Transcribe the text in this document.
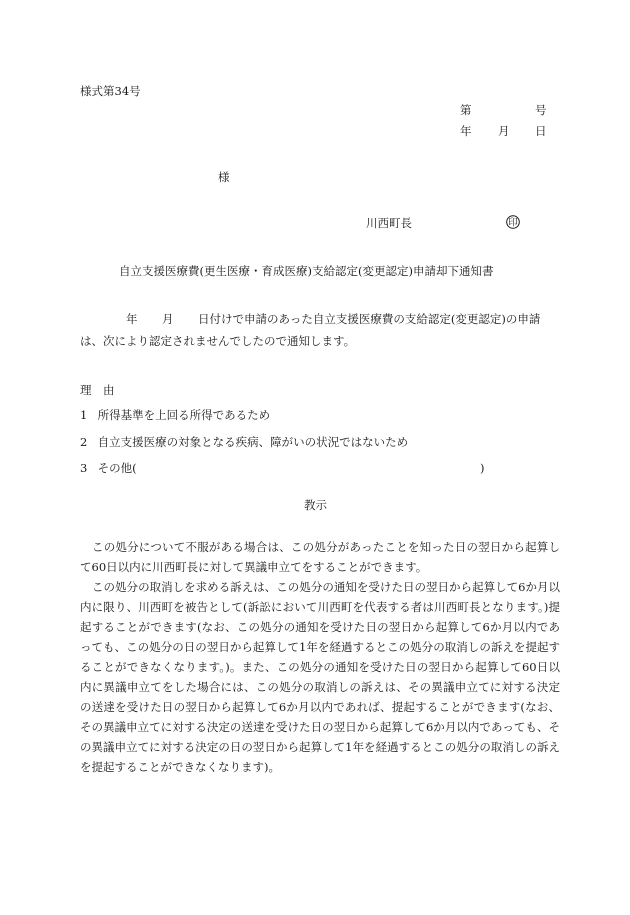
様式第34号
第	号
年 月 日
様
川西町長	印
自立支援医療費(更生医療・育成医療)支給認定(変更認定)申請却下通知書
年 月 日付けで申請のあった自立支援医療費の支給認定(変更認定)の申請
は、次により認定されませんでしたので通知します。
理　由
1 所得基準を上回る所得であるため
2 自立支援医療の対象となる疾病、障がいの状況ではないため
3 その他(	)
教示
この処分について不服がある場合は、この処分があったことを知った日の翌日から起算して60日以内に川西町長に対して異議申立てをすることができます。
この処分の取消しを求める訴えは、この処分の通知を受けた日の翌日から起算して6か月以内に限り、川西町を被告として(訴訟において川西町を代表する者は川西町長となります。)提起することができます(なお、この処分の通知を受けた日の翌日から起算して6か月以内であっても、この処分の日の翌日から起算して1年を経過するとこの処分の取消しの訴えを提起することができなくなります。)。また、この処分の通知を受けた日の翌日から起算して60日以内に異議申立てをした場合には、この処分の取消しの訴えは、その異議申立てに対する決定の送達を受けた日の翌日から起算して6か月以内であれば、提起することができます(なお、その異議申立てに対する決定の送達を受けた日の翌日から起算して6か月以内であっても、その異議申立てに対する決定の日の翌日から起算して1年を経過するとこの処分の取消しの訴えを提起することができなくなります)。
